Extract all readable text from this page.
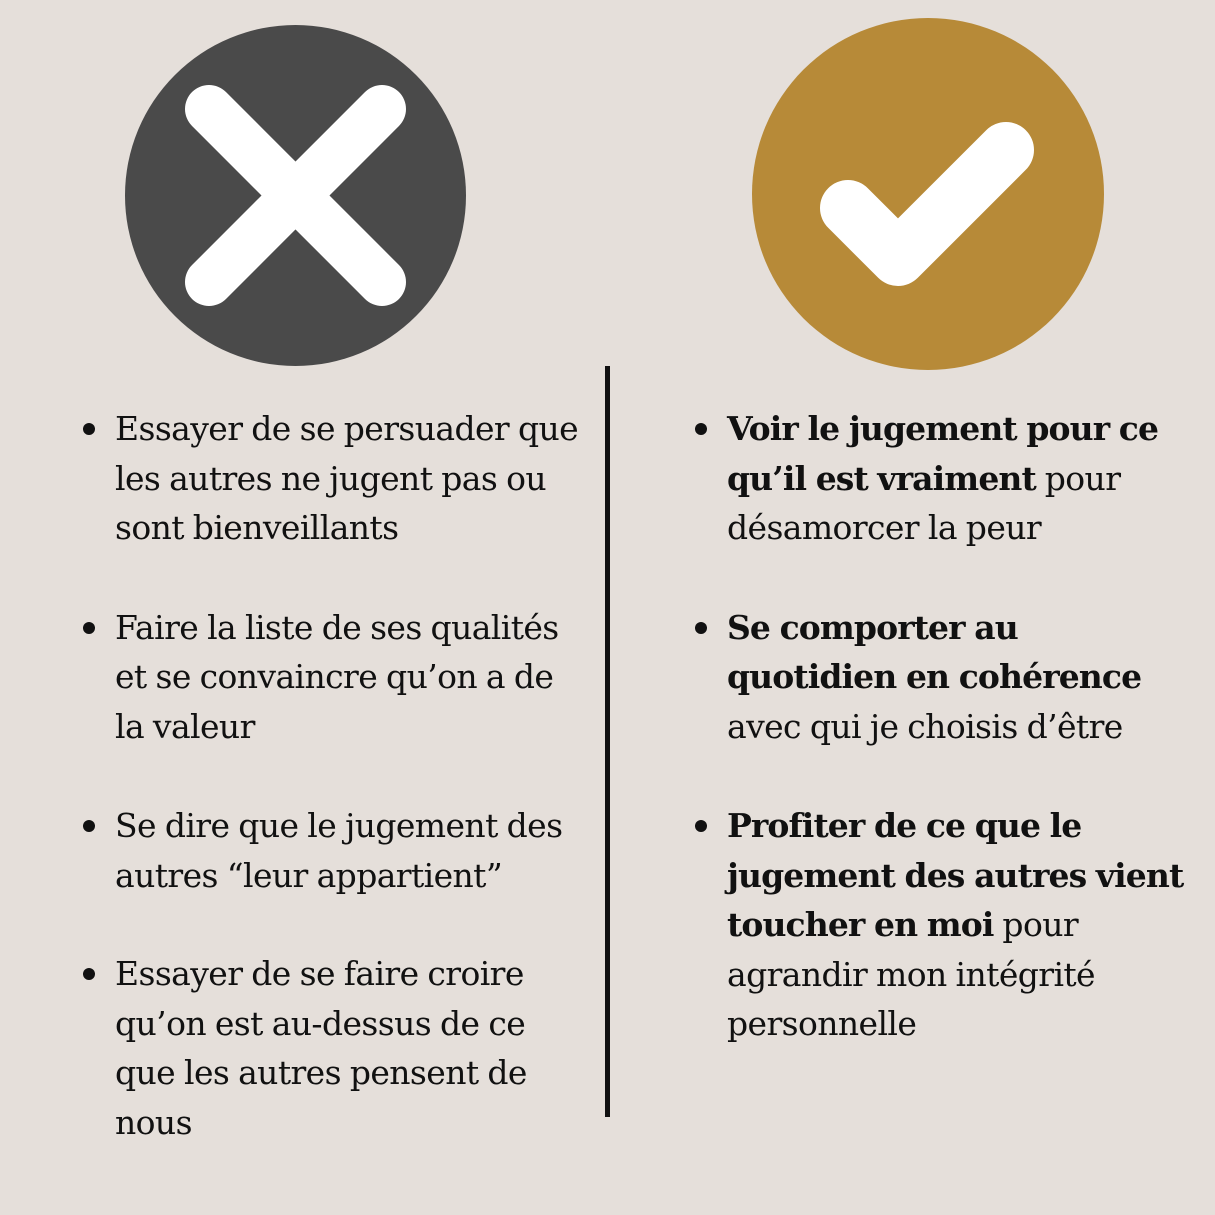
Essayer de se persuader que les autres ne jugent pas ou sont bienveillants
Faire la liste de ses qualités et se convaincre qu’on a de la valeur
Se dire que le jugement des autres “leur appartient”
Essayer de se faire croire qu’on est au-dessus de ce que les autres pensent de nous
Voir le jugement pour ce qu’il est vraiment pour désamorcer la peur
Se comporter au quotidien en cohérence avec qui je choisis d’être
Profiter de ce que le jugement des autres vient toucher en moi pour agrandir mon intégrité personnelle
